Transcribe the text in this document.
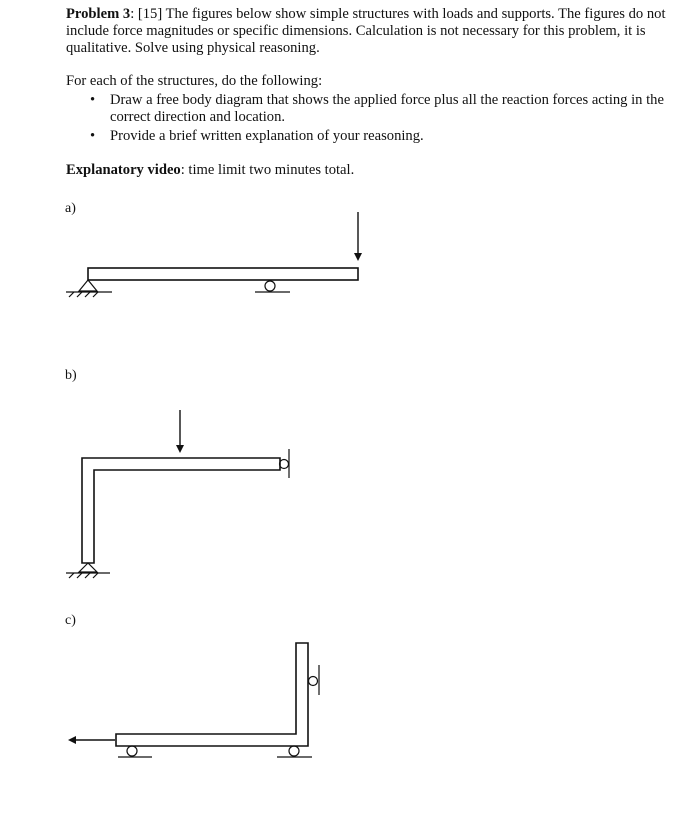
Problem 3: [15] The figures below show simple structures with loads and supports. The figures do not include force magnitudes or specific dimensions. Calculation is not necessary for this problem, it is qualitative. Solve using physical reasoning.
For each of the structures, do the following:
• Draw a free body diagram that shows the applied force plus all the reaction forces acting in the correct direction and location.
• Provide a brief written explanation of your reasoning.
Explanatory video: time limit two minutes total.
a)
b)
c)
